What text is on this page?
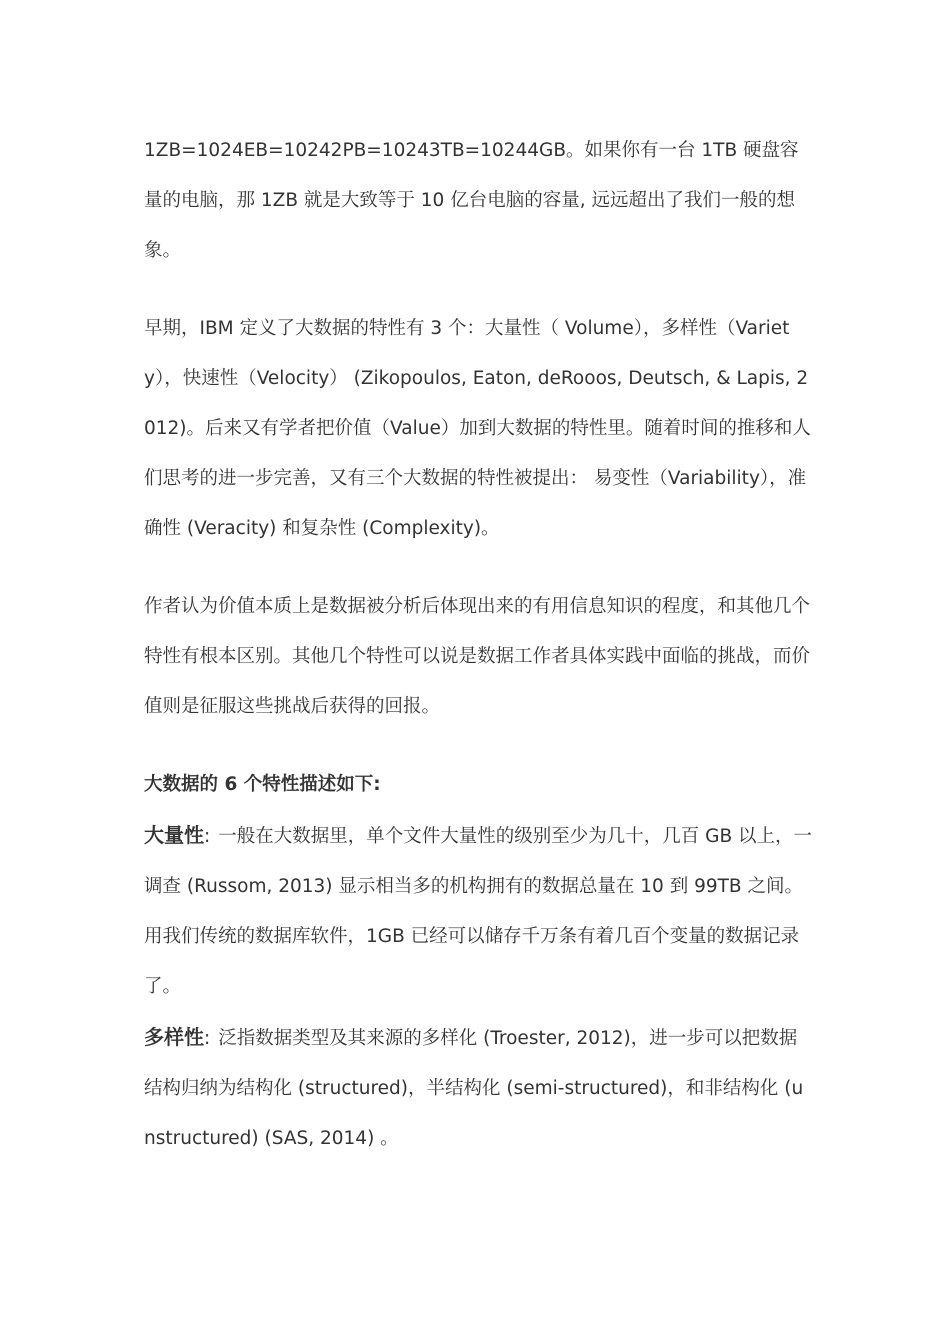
1ZB=1024EB=10242PB=10243TB=10244GB。如果你有一台 1TB 硬盘容量的电脑，那 1ZB 就是大致等于 10 亿台电脑的容量, 远远超出了我们一般的想象。

早期，IBM 定义了大数据的特性有 3 个：大量性（ Volume），多样性（Variety），快速性（Velocity） (Zikopoulos, Eaton, deRooos, Deutsch, & Lapis, 2012)。后来又有学者把价值（Value）加到大数据的特性里。随着时间的推移和人们思考的进一步完善，又有三个大数据的特性被提出： 易变性（Variability），准确性 (Veracity) 和复杂性 (Complexity)。

作者认为价值本质上是数据被分析后体现出来的有用信息知识的程度，和其他几个特性有根本区别。其他几个特性可以说是数据工作者具体实践中面临的挑战，而价值则是征服这些挑战后获得的回报。

大数据的 6 个特性描述如下:

大量性: 一般在大数据里，单个文件大量性的级别至少为几十，几百 GB 以上，一调查 (Russom, 2013) 显示相当多的机构拥有的数据总量在 10 到 99TB 之间。用我们传统的数据库软件，1GB 已经可以储存千万条有着几百个变量的数据记录了。

多样性: 泛指数据类型及其来源的多样化 (Troester, 2012)，进一步可以把数据结构归纳为结构化 (structured)，半结构化 (semi-structured)，和非结构化 (unstructured) (SAS, 2014) 。
